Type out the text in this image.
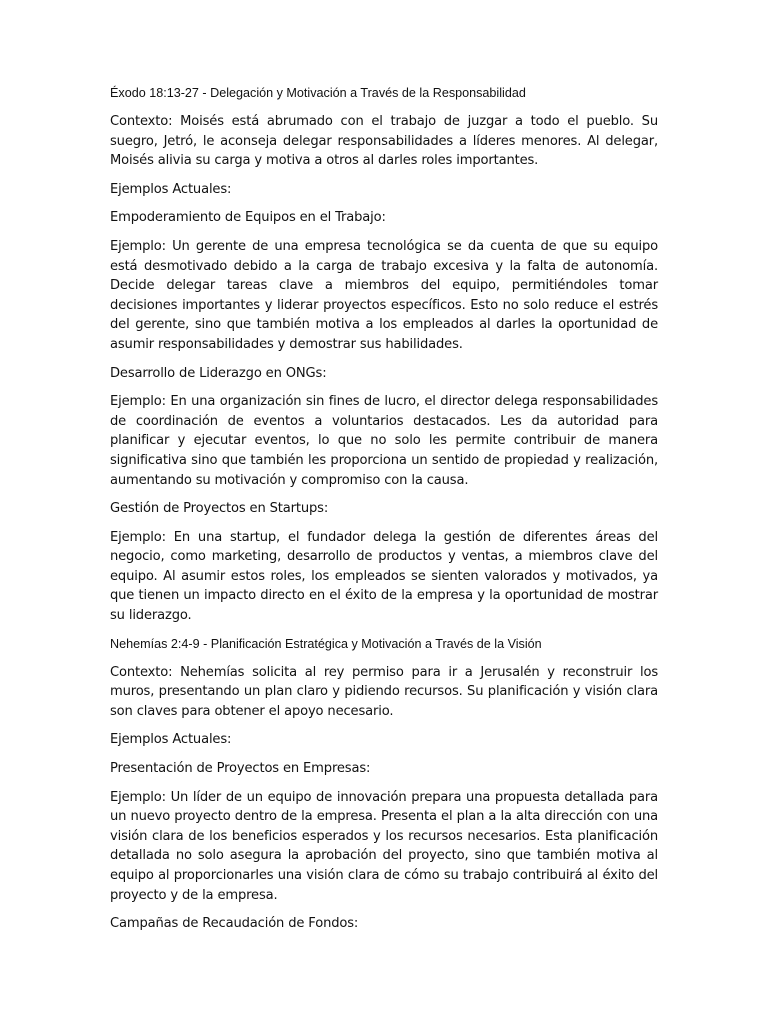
Éxodo 18:13-27 - Delegación y Motivación a Través de la Responsabilidad

Contexto: Moisés está abrumado con el trabajo de juzgar a todo el pueblo. Su suegro, Jetró, le aconseja delegar responsabilidades a líderes menores. Al delegar, Moisés alivia su carga y motiva a otros al darles roles importantes.

Ejemplos Actuales:

Empoderamiento de Equipos en el Trabajo:

Ejemplo: Un gerente de una empresa tecnológica se da cuenta de que su equipo está desmotivado debido a la carga de trabajo excesiva y la falta de autonomía. Decide delegar tareas clave a miembros del equipo, permitiéndoles tomar decisiones importantes y liderar proyectos específicos. Esto no solo reduce el estrés del gerente, sino que también motiva a los empleados al darles la oportunidad de asumir responsabilidades y demostrar sus habilidades.

Desarrollo de Liderazgo en ONGs:

Ejemplo: En una organización sin fines de lucro, el director delega responsabilidades de coordinación de eventos a voluntarios destacados. Les da autoridad para planificar y ejecutar eventos, lo que no solo les permite contribuir de manera significativa sino que también les proporciona un sentido de propiedad y realización, aumentando su motivación y compromiso con la causa.

Gestión de Proyectos en Startups:

Ejemplo: En una startup, el fundador delega la gestión de diferentes áreas del negocio, como marketing, desarrollo de productos y ventas, a miembros clave del equipo. Al asumir estos roles, los empleados se sienten valorados y motivados, ya que tienen un impacto directo en el éxito de la empresa y la oportunidad de mostrar su liderazgo.

Nehemías 2:4-9 - Planificación Estratégica y Motivación a Través de la Visión

Contexto: Nehemías solicita al rey permiso para ir a Jerusalén y reconstruir los muros, presentando un plan claro y pidiendo recursos. Su planificación y visión clara son claves para obtener el apoyo necesario.

Ejemplos Actuales:

Presentación de Proyectos en Empresas:

Ejemplo: Un líder de un equipo de innovación prepara una propuesta detallada para un nuevo proyecto dentro de la empresa. Presenta el plan a la alta dirección con una visión clara de los beneficios esperados y los recursos necesarios. Esta planificación detallada no solo asegura la aprobación del proyecto, sino que también motiva al equipo al proporcionarles una visión clara de cómo su trabajo contribuirá al éxito del proyecto y de la empresa.

Campañas de Recaudación de Fondos:
